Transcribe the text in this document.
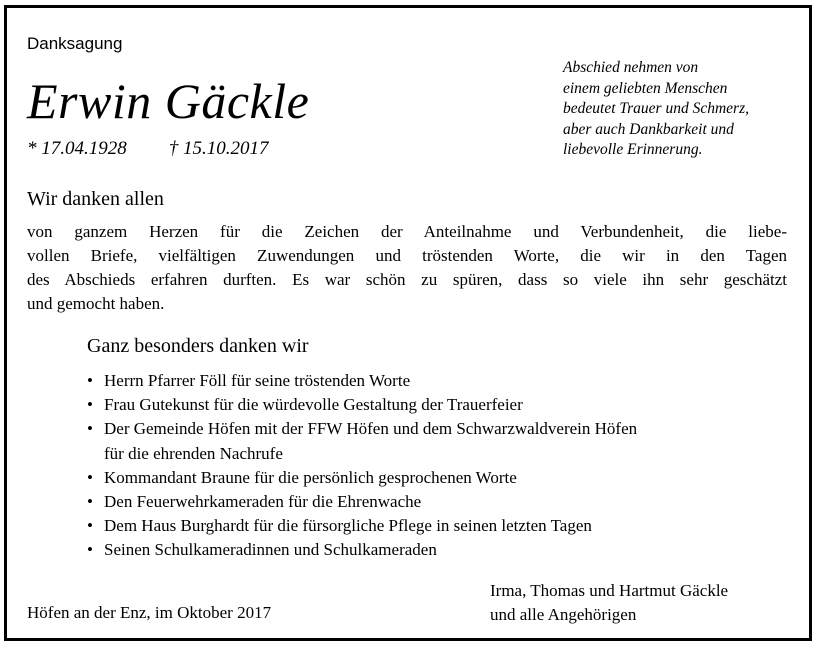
Danksagung
Erwin Gäckle
* 17.04.1928 † 15.10.2017
Abschied nehmen von
einem geliebten Menschen
bedeutet Trauer und Schmerz,
aber auch Dankbarkeit und
liebevolle Erinnerung.
Wir danken allen
von ganzem Herzen für die Zeichen der Anteilnahme und Verbundenheit, die liebe-
vollen Briefe, vielfältigen Zuwendungen und tröstenden Worte, die wir in den Tagen
des Abschieds erfahren durften. Es war schön zu spüren, dass so viele ihn sehr geschätzt
und gemocht haben.
Ganz besonders danken wir
• Herrn Pfarrer Föll für seine tröstenden Worte
• Frau Gutekunst für die würdevolle Gestaltung der Trauerfeier
• Der Gemeinde Höfen mit der FFW Höfen und dem Schwarzwaldverein Höfen
für die ehrenden Nachrufe
• Kommandant Braune für die persönlich gesprochenen Worte
• Den Feuerwehrkameraden für die Ehrenwache
• Dem Haus Burghardt für die fürsorgliche Pflege in seinen letzten Tagen
• Seinen Schulkameradinnen und Schulkameraden
Höfen an der Enz, im Oktober 2017
Irma, Thomas und Hartmut Gäckle
und alle Angehörigen
